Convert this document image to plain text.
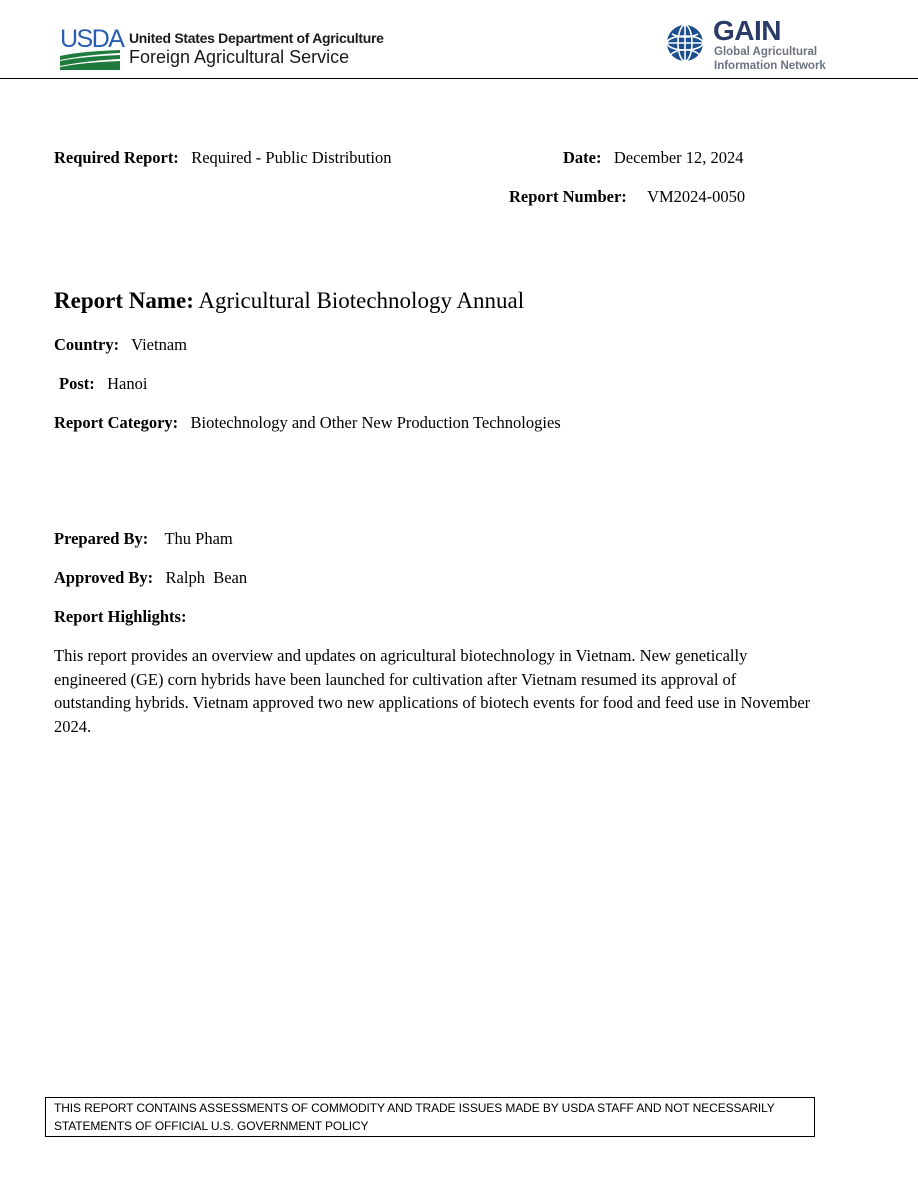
USDA United States Department of Agriculture
Foreign Agricultural Service
GAIN
Global Agricultural
Information Network
Required Report: Required - Public Distribution	Date: December 12, 2024
Report Number: VM2024-0050
Report Name: Agricultural Biotechnology Annual
Country: Vietnam
Post: Hanoi
Report Category: Biotechnology and Other New Production Technologies
Prepared By: Thu Pham
Approved By: Ralph  Bean
Report Highlights:
This report provides an overview and updates on agricultural biotechnology in Vietnam. New genetically engineered (GE) corn hybrids have been launched for cultivation after Vietnam resumed its approval of outstanding hybrids. Vietnam approved two new applications of biotech events for food and feed use in November 2024.
THIS REPORT CONTAINS ASSESSMENTS OF COMMODITY AND TRADE ISSUES MADE BY USDA STAFF AND NOT NECESSARILY STATEMENTS OF OFFICIAL U.S. GOVERNMENT POLICY
